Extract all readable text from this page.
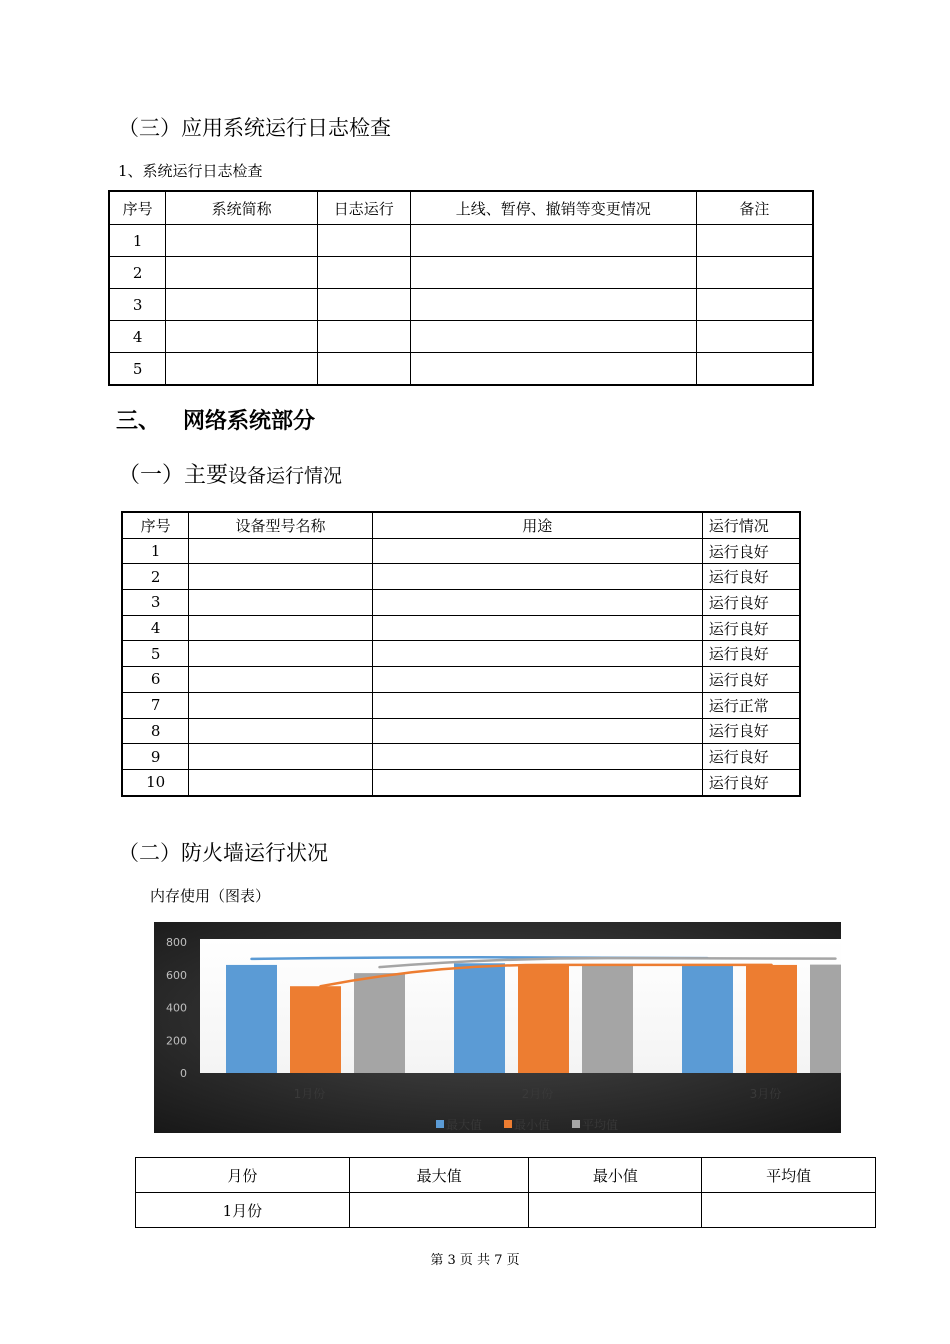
（三）应用系统运行日志检查
1、系统运行日志检查
序号	系统简称	日志运行	上线、暂停、撤销等变更情况	备注
1				
2				
3				
4				
5				
三、   网络系统部分
（一）主要设备运行情况
序号	设备型号名称	用途	运行情况
1			运行良好
2			运行良好
3			运行良好
4			运行良好
5			运行良好
6			运行良好
7			运行正常
8			运行良好
9			运行良好
10			运行良好
（二）防火墙运行状况
内存使用（图表）
0
200
400
600
800
1月份	2月份	3月份
最大值	最小值	平均值
月份	最大值	最小值	平均值
1月份			
第 3 页 共 7 页
